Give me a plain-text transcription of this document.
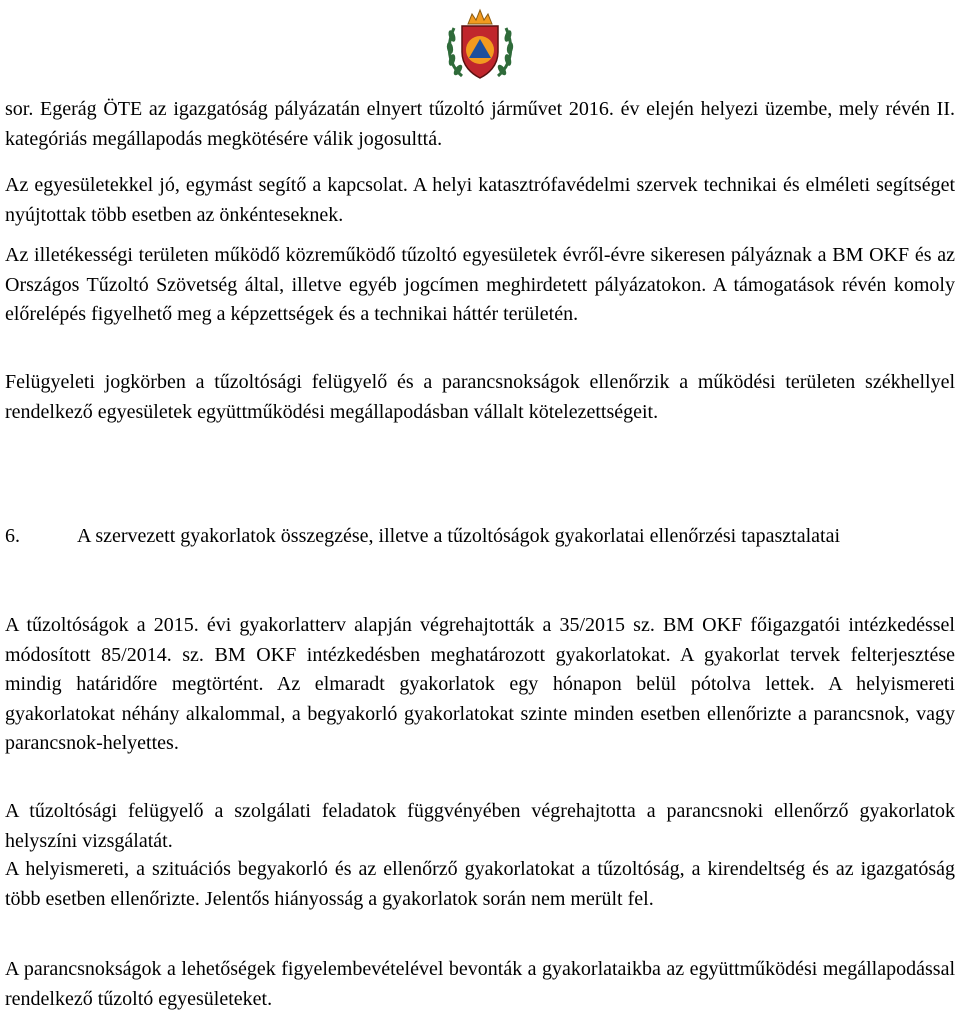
sor. Egerág ÖTE az igazgatóság pályázatán elnyert tűzoltó járművet 2016. év elején helyezi üzembe, mely révén II. kategóriás megállapodás megkötésére válik jogosulttá.
Az egyesületekkel jó, egymást segítő a kapcsolat. A helyi katasztrófavédelmi szervek technikai és elméleti segítséget nyújtottak több esetben az önkénteseknek.
Az illetékességi területen működő közreműködő tűzoltó egyesületek évről-évre sikeresen pályáznak a BM OKF és az Országos Tűzoltó Szövetség által, illetve egyéb jogcímen meghirdetett pályázatokon. A támogatások révén komoly előrelépés figyelhető meg a képzettségek és a technikai háttér területén.
Felügyeleti jogkörben a tűzoltósági felügyelő és a parancsnokságok ellenőrzik a működési területen székhellyel rendelkező egyesületek együttműködési megállapodásban vállalt kötelezettségeit.
6.	A szervezett gyakorlatok összegzése, illetve a tűzoltóságok gyakorlatai ellenőrzési tapasztalatai
A tűzoltóságok a 2015. évi gyakorlatterv alapján végrehajtották a 35/2015 sz. BM OKF főigazgatói intézkedéssel módosított 85/2014. sz. BM OKF intézkedésben meghatározott gyakorlatokat. A gyakorlat tervek felterjesztése mindig határidőre megtörtént. Az elmaradt gyakorlatok egy hónapon belül pótolva lettek. A helyismereti gyakorlatokat néhány alkalommal, a begyakorló gyakorlatokat szinte minden esetben ellenőrizte a parancsnok, vagy parancsnok-helyettes.
A tűzoltósági felügyelő a szolgálati feladatok függvényében végrehajtotta a parancsnoki ellenőrző gyakorlatok helyszíni vizsgálatát.
A helyismereti, a szituációs begyakorló és az ellenőrző gyakorlatokat a tűzoltóság, a kirendeltség és az igazgatóság több esetben ellenőrizte. Jelentős hiányosság a gyakorlatok során nem merült fel.
A parancsnokságok a lehetőségek figyelembevételével bevonták a gyakorlataikba az együttműködési megállapodással rendelkező tűzoltó egyesületeket.
